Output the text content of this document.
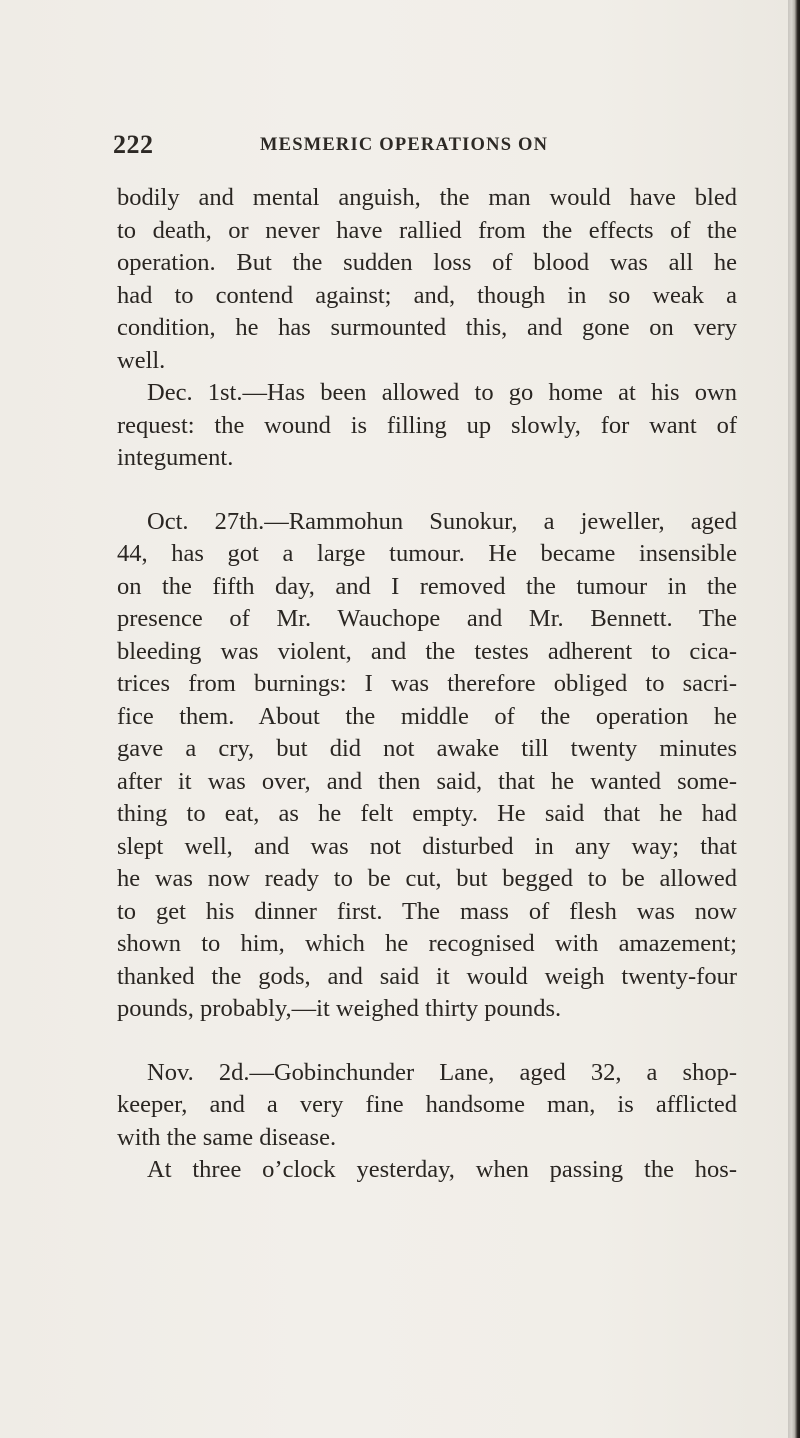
222	MESMERIC OPERATIONS ON
bodily and mental anguish, the man would have bled
to death, or never have rallied from the effects of the
operation. But the sudden loss of blood was all he
had to contend against; and, though in so weak a
condition, he has surmounted this, and gone on very
well.
Dec. 1st.—Has been allowed to go home at his own
request: the wound is filling up slowly, for want of
integument.
Oct. 27th.—Rammohun Sunokur, a jeweller, aged
44, has got a large tumour. He became insensible
on the fifth day, and I removed the tumour in the
presence of Mr. Wauchope and Mr. Bennett. The
bleeding was violent, and the testes adherent to cica-
trices from burnings: I was therefore obliged to sacri-
fice them. About the middle of the operation he
gave a cry, but did not awake till twenty minutes
after it was over, and then said, that he wanted some-
thing to eat, as he felt empty. He said that he had
slept well, and was not disturbed in any way; that
he was now ready to be cut, but begged to be allowed
to get his dinner first. The mass of flesh was now
shown to him, which he recognised with amazement;
thanked the gods, and said it would weigh twenty-four
pounds, probably,—it weighed thirty pounds.
Nov. 2d.—Gobinchunder Lane, aged 32, a shop-
keeper, and a very fine handsome man, is afflicted
with the same disease.
At three o’clock yesterday, when passing the hos-
